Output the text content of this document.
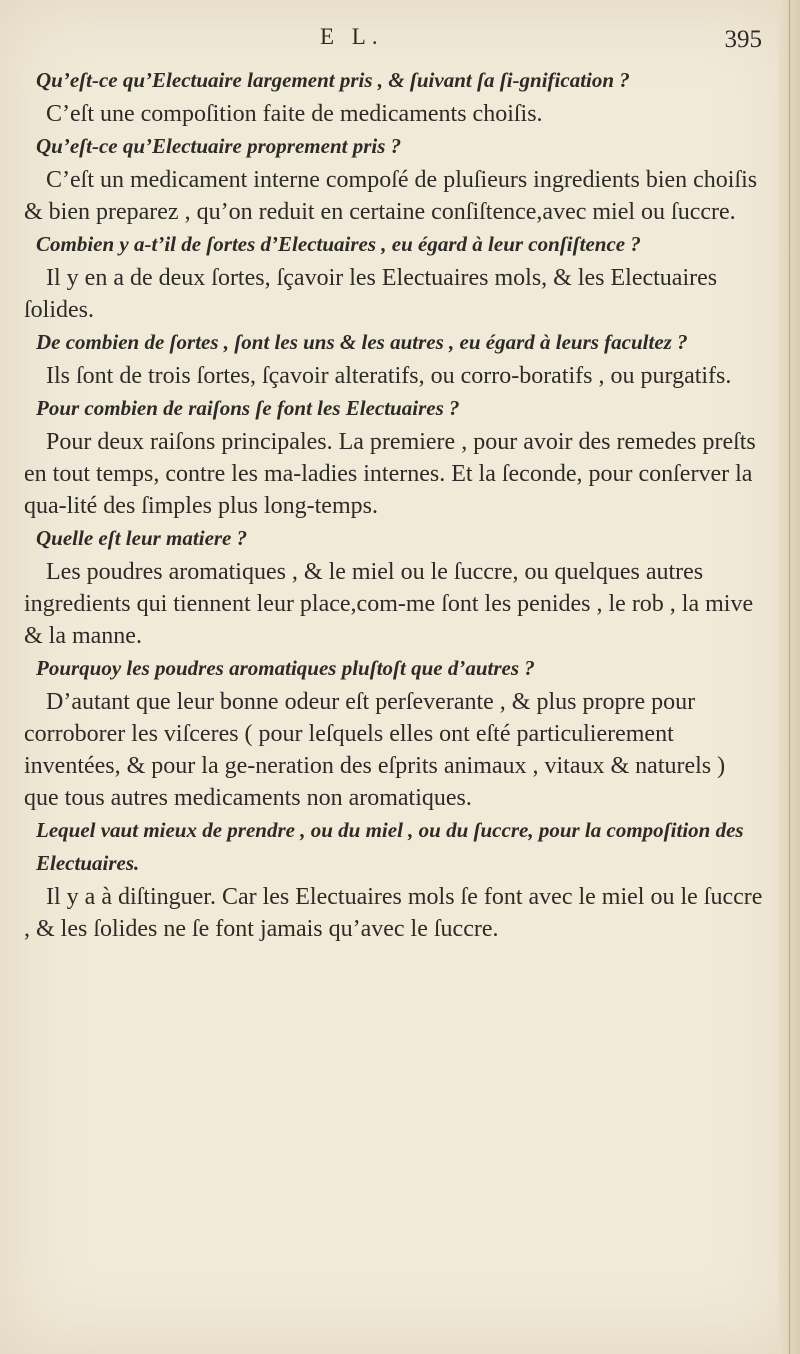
E L.	395

Qu’eſt-ce qu’Electuaire largement pris , & ſuivant ſa ſi-gnification ?

C’eſt une compoſition faite de medicaments choiſis.

Qu’eſt-ce qu’Electuaire proprement pris ?

C’eſt un medicament interne compoſé de pluſieurs ingredients bien choiſis & bien preparez , qu’on reduit en certaine conſiſtence,avec miel ou ſuccre.

Combien y a-t’il de ſortes d’Electuaires , eu égard à leur conſiſtence ?

Il y en a de deux ſortes, ſçavoir les Electuaires mols, & les Electuaires ſolides.

De combien de ſortes , ſont les uns & les autres , eu égard à leurs facultez ?

Ils ſont de trois ſortes, ſçavoir alteratifs, ou corro-boratifs , ou purgatifs.

Pour combien de raiſons ſe font les Electuaires ?

Pour deux raiſons principales. La premiere , pour avoir des remedes preſts en tout temps, contre les ma-ladies internes. Et la ſeconde, pour conſerver la qua-lité des ſimples plus long-temps.

Quelle eſt leur matiere ?

Les poudres aromatiques , & le miel ou le ſuccre, ou quelques autres ingredients qui tiennent leur place,com-me ſont les penides , le rob , la mive & la manne.

Pourquoy les poudres aromatiques pluſtoſt que d’autres ?

D’autant que leur bonne odeur eſt perſeverante , & plus propre pour corroborer les viſceres ( pour leſquels elles ont eſté particulierement inventées, & pour la ge-neration des eſprits animaux , vitaux & naturels ) que tous autres medicaments non aromatiques.

Lequel vaut mieux de prendre , ou du miel , ou du ſuccre, pour la compoſition des Electuaires.

Il y a à diſtinguer. Car les Electuaires mols ſe font avec le miel ou le ſuccre , & les ſolides ne ſe font jamais qu’avec le ſuccre.
